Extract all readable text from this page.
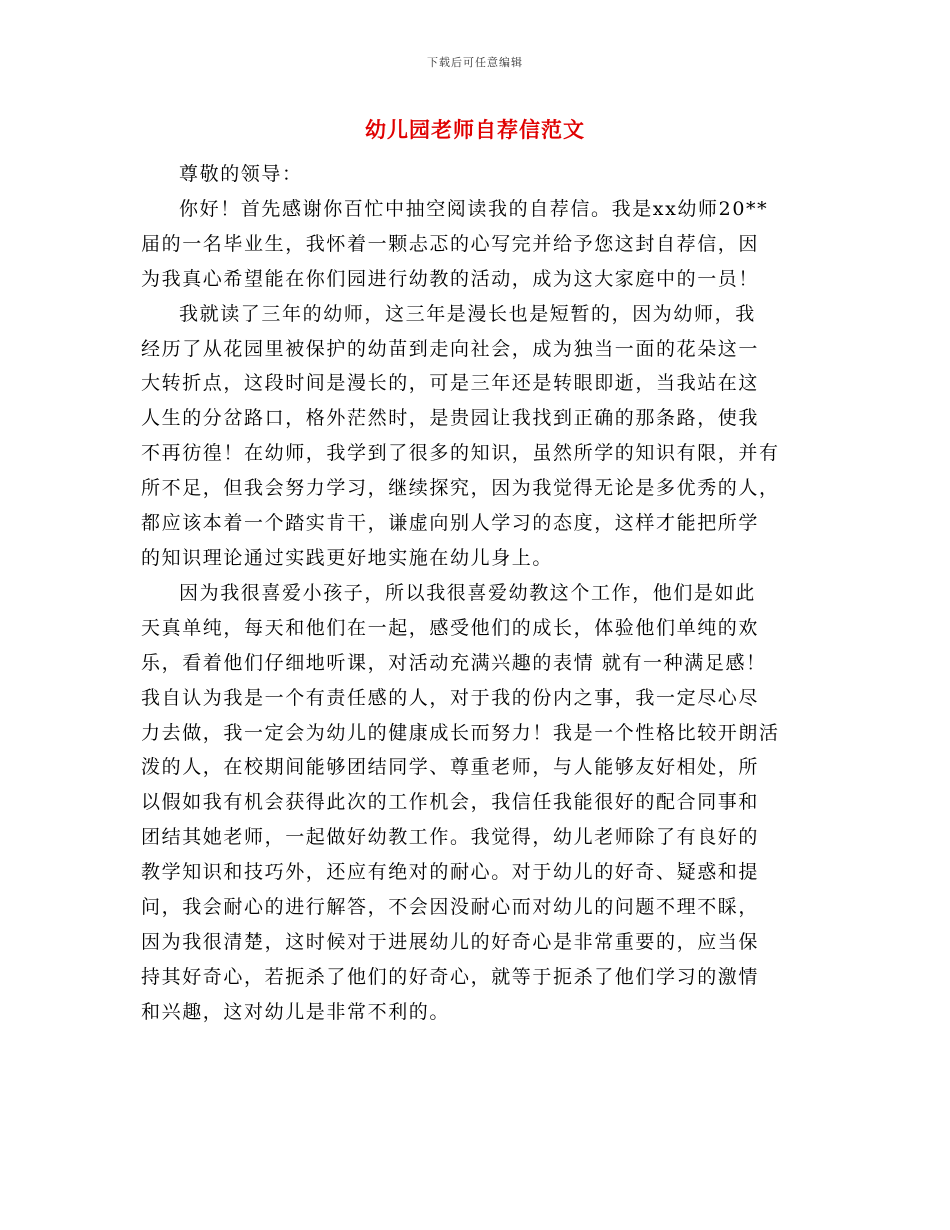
下载后可任意编辑
幼儿园老师自荐信范文

尊敬的领导：

你好！首先感谢你百忙中抽空阅读我的自荐信。我是xx幼师20**
届的一名毕业生，我怀着一颗忐忑的心写完并给予您这封自荐信，因
为我真心希望能在你们园进行幼教的活动，成为这大家庭中的一员！

我就读了三年的幼师，这三年是漫长也是短暂的，因为幼师，我
经历了从花园里被保护的幼苗到走向社会，成为独当一面的花朵这一
大转折点，这段时间是漫长的，可是三年还是转眼即逝，当我站在这
人生的分岔路口，格外茫然时，是贵园让我找到正确的那条路，使我
不再彷徨！在幼师，我学到了很多的知识，虽然所学的知识有限，并有
所不足，但我会努力学习，继续探究，因为我觉得无论是多优秀的人，
都应该本着一个踏实肯干，谦虚向别人学习的态度，这样才能把所学
的知识理论通过实践更好地实施在幼儿身上。

因为我很喜爱小孩子，所以我很喜爱幼教这个工作，他们是如此
天真单纯，每天和他们在一起，感受他们的成长，体验他们单纯的欢
乐，看着他们仔细地听课，对活动充满兴趣的表情 就有一种满足感！
我自认为我是一个有责任感的人，对于我的份内之事，我一定尽心尽
力去做，我一定会为幼儿的健康成长而努力！我是一个性格比较开朗活
泼的人，在校期间能够团结同学、尊重老师，与人能够友好相处，所
以假如我有机会获得此次的工作机会，我信任我能很好的配合同事和
团结其她老师，一起做好幼教工作。我觉得，幼儿老师除了有良好的
教学知识和技巧外，还应有绝对的耐心。对于幼儿的好奇、疑惑和提
问，我会耐心的进行解答，不会因没耐心而对幼儿的问题不理不睬，
因为我很清楚，这时候对于进展幼儿的好奇心是非常重要的，应当保
持其好奇心，若扼杀了他们的好奇心，就等于扼杀了他们学习的激情
和兴趣，这对幼儿是非常不利的。
